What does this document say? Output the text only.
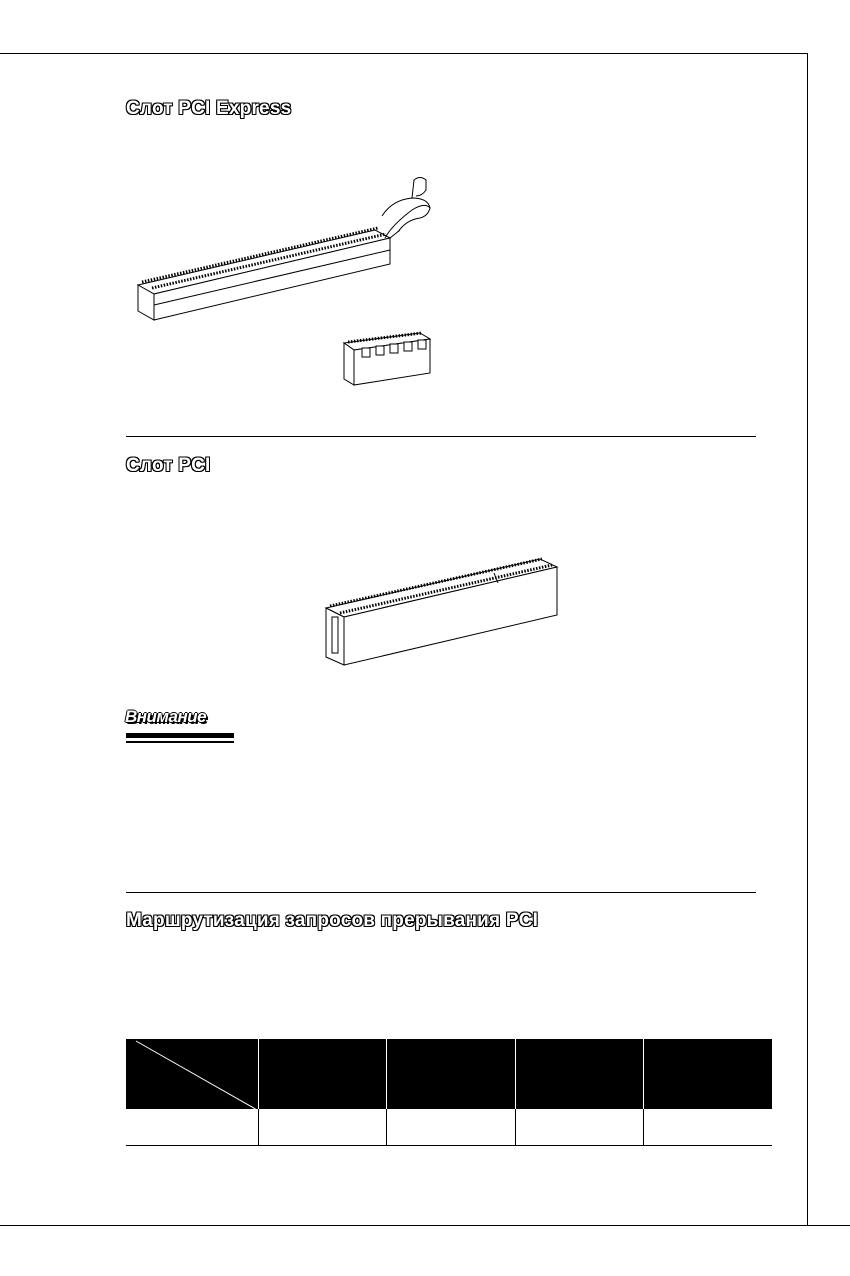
Слот PCI Express
Слот PCI
Внимание
Маршрутизация запросов прерывания PCI
